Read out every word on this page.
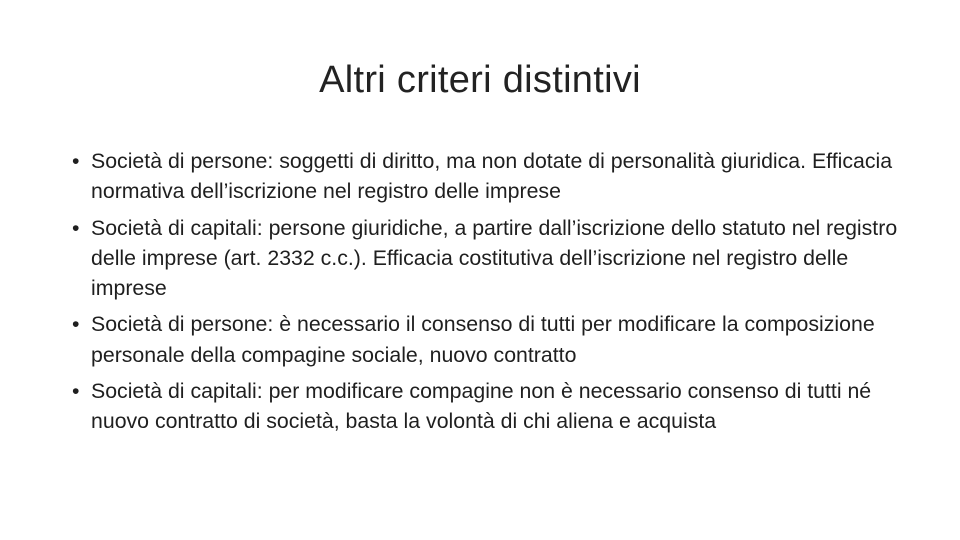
Altri criteri distintivi
• Società di persone: soggetti di diritto, ma non dotate di personalità giuridica. Efficacia normativa dell’iscrizione nel registro delle imprese
• Società di capitali: persone giuridiche, a partire dall’iscrizione dello statuto nel registro delle imprese (art. 2332 c.c.). Efficacia costitutiva dell’iscrizione nel registro delle imprese
• Società di persone: è necessario il consenso di tutti per modificare la composizione personale della compagine sociale, nuovo contratto
• Società di capitali: per modificare compagine non è necessario consenso di tutti né nuovo contratto di società, basta la volontà di chi aliena e acquista
